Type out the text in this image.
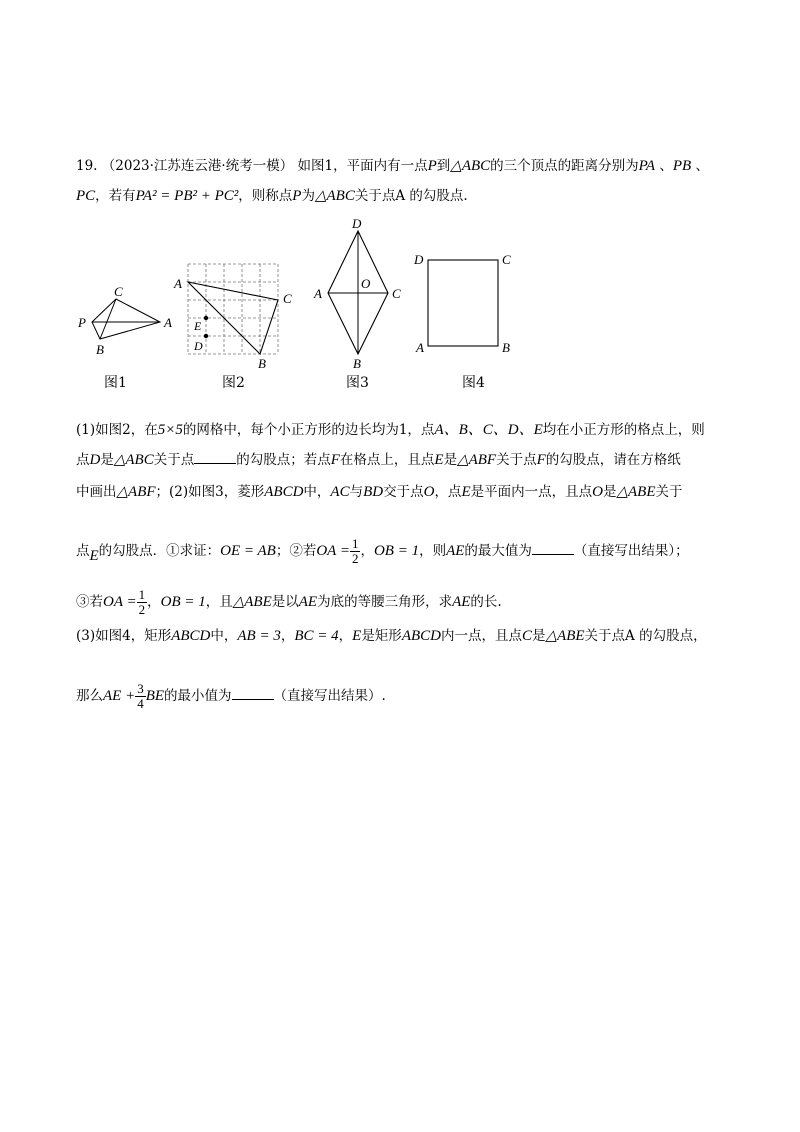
19. （2023·江苏连云港·统考一模） 如图1，平面内有一点P到△ABC的三个顶点的距离分别为PA 、PB 、
PC，若有PA² = PB² + PC²，则称点P为△ABC关于点A 的勾股点.
C
P	A
B
图1
A
C
E
D
B
图2
D
A
O
C
B
图3
D	C
A	B
图4
(1)如图2，在5×5的网格中，每个小正方形的边长均为1，点A、B、C、D、E均在小正方形的格点上，则
点D是△ABC关于点	的勾股点；若点F在格点上，且点E是△ABF关于点F的勾股点，请在方格纸
中画出△ABF；(2)如图3，菱形ABCD中，AC与BD交于点O，点E是平面内一点，且点O是△ABE关于
点E的勾股点．①求证：OE = AB；②若OA = $\frac{1}{2}$ ，OB = 1，则AE的最大值为	（直接写出结果）；
③若OA = $\frac{1}{2}$ ，OB = 1，且△ABE是以AE为底的等腰三角形，求AE的长.
(3)如图4，矩形ABCD中，AB = 3，BC = 4，E是矩形ABCD内一点，且点C是△ABE关于点A 的勾股点，
那么AE + $\frac{3}{4}$ BE的最小值为	（直接写出结果）.
